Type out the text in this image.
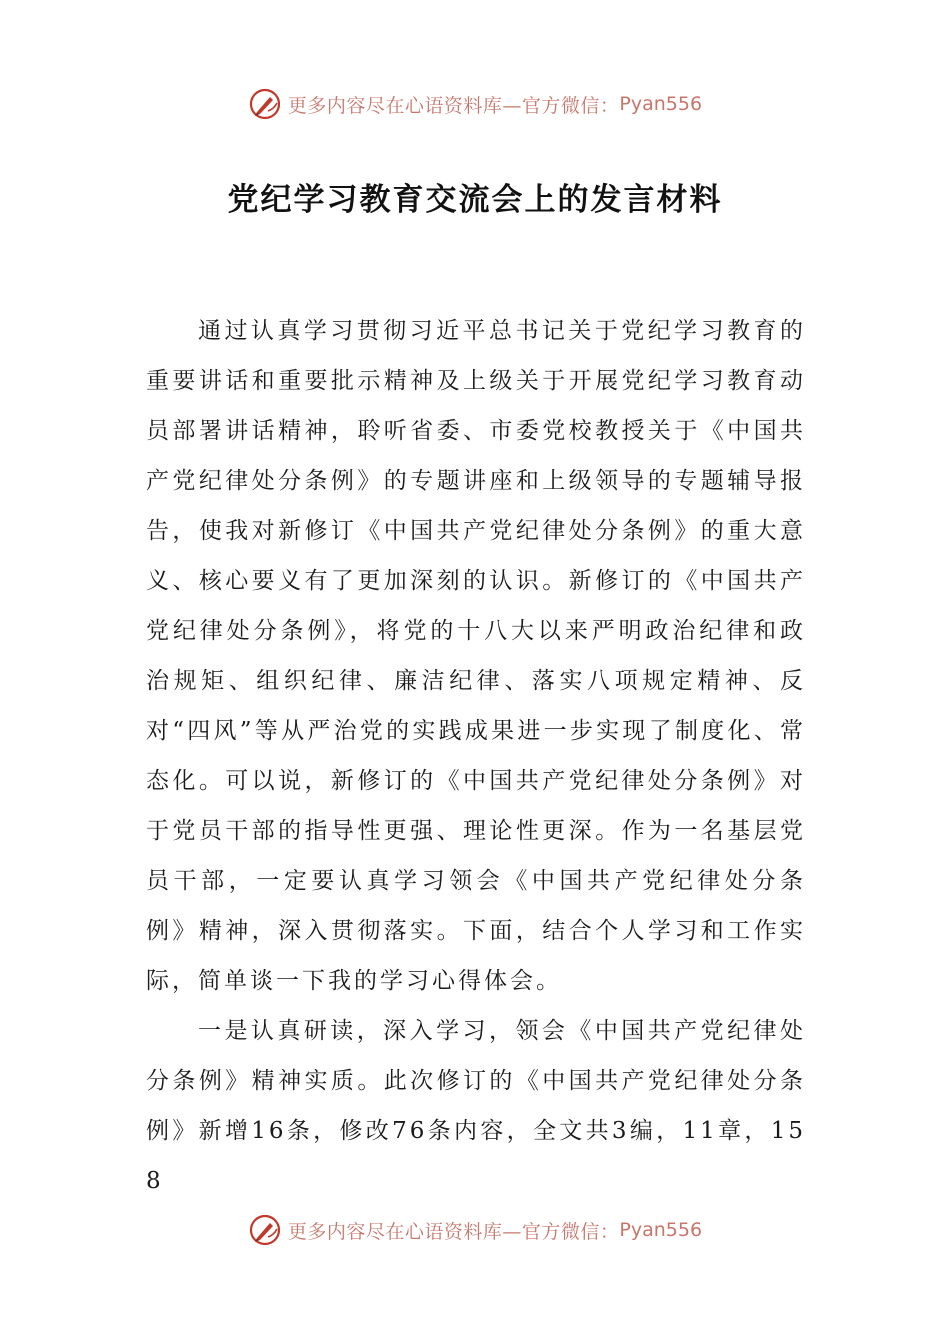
更多内容尽在心语资料库—官方微信： Pyan556
党纪学习教育交流会上的发言材料

通过认真学习贯彻习近平总书记关于党纪学习教育的重要讲话和重要批示精神及上级关于开展党纪学习教育动员部署讲话精神，聆听省委、市委党校教授关于《中国共产党纪律处分条例》的专题讲座和上级领导的专题辅导报告，使我对新修订《中国共产党纪律处分条例》的重大意义、核心要义有了更加深刻的认识。新修订的《中国共产党纪律处分条例》，将党的十八大以来严明政治纪律和政治规矩、组织纪律、廉洁纪律、落实八项规定精神、反对“四风”等从严治党的实践成果进一步实现了制度化、常态化。可以说，新修订的《中国共产党纪律处分条例》对于党员干部的指导性更强、理论性更深。作为一名基层党员干部，一定要认真学习领会《中国共产党纪律处分条例》精神，深入贯彻落实。下面，结合个人学习和工作实际，简单谈一下我的学习心得体会。

一是认真研读，深入学习，领会《中国共产党纪律处分条例》精神实质。此次修订的《中国共产党纪律处分条例》新增16条，修改76条内容，全文共3编，11章，158

更多内容尽在心语资料库—官方微信： Pyan556
